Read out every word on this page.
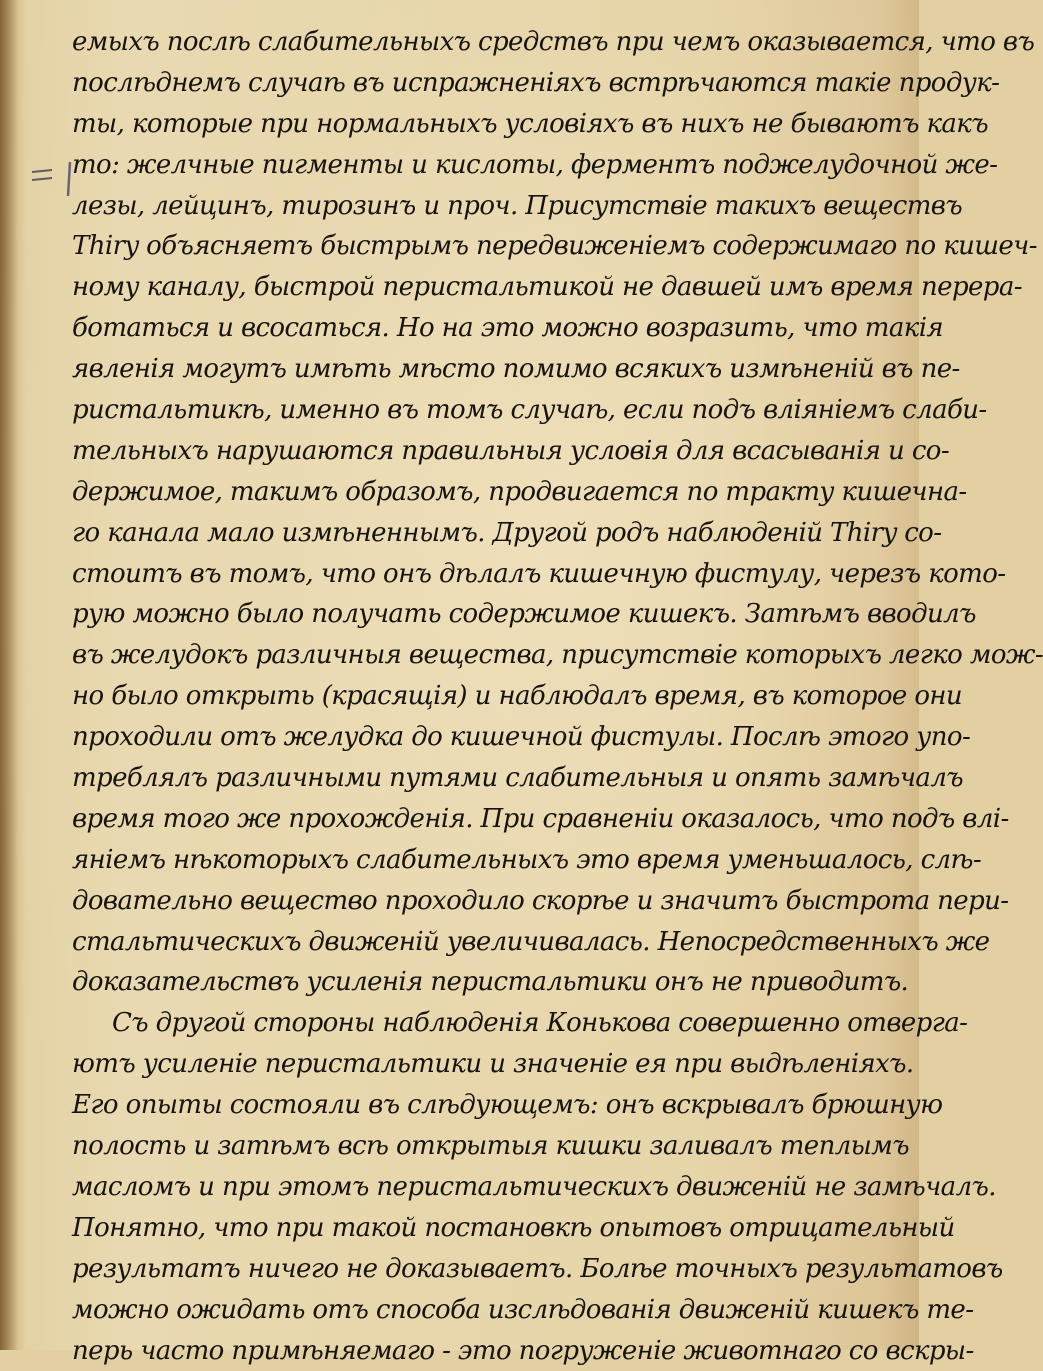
емыхъ послѣ слабительныхъ средствъ при чемъ оказывается, что въ
послѣднемъ случаѣ въ испражненіяхъ встрѣчаются такіе продук-
ты, которые при нормальныхъ условіяхъ въ нихъ не бываютъ какъ
то: желчные пигменты и кислоты, ферментъ поджелудочной же-
лезы, лейцинъ, тирозинъ и проч. Присутствіе такихъ веществъ
Thiry объясняетъ быстрымъ передвиженіемъ содержимаго по кишеч-
ному каналу, быстрой перистальтикой не давшей имъ время перера-
ботаться и всосаться. Но на это можно возразить, что такія
явленія могутъ имѣть мѣсто помимо всякихъ измѣненій въ пе-
ристальтикѣ, именно въ томъ случаѣ, если подъ вліяніемъ слаби-
тельныхъ нарушаются правильныя условія для всасыванія и со-
держимое, такимъ образомъ, продвигается по тракту кишечна-
го канала мало измѣненнымъ. Другой родъ наблюденій Thiry со-
стоитъ въ томъ, что онъ дѣлалъ кишечную фистулу, черезъ кото-
рую можно было получать содержимое кишекъ. Затѣмъ вводилъ
въ желудокъ различныя вещества, присутствіе которыхъ легко мож-
но было открыть (красящія) и наблюдалъ время, въ которое они
проходили отъ желудка до кишечной фистулы. Послѣ этого упо-
треблялъ различными путями слабительныя и опять замѣчалъ
время того же прохожденія. При сравненіи оказалось, что подъ влі-
яніемъ нѣкоторыхъ слабительныхъ это время уменьшалось, слѣ-
довательно вещество проходило скорѣе и значитъ быстрота пери-
стальтическихъ движеній увеличивалась. Непосредственныхъ же
доказательствъ усиленія перистальтики онъ не приводитъ.
Съ другой стороны наблюденія Конькова совершенно отверга-
ютъ усиленіе перистальтики и значеніе ея при выдѣленіяхъ.
Его опыты состояли въ слѣдующемъ: онъ вскрывалъ брюшную
полость и затѣмъ всѣ открытыя кишки заливалъ теплымъ
масломъ и при этомъ перистальтическихъ движеній не замѣчалъ.
Понятно, что при такой постановкѣ опытовъ отрицательный
результатъ ничего не доказываетъ. Болѣе точныхъ результатовъ
можно ожидать отъ способа изслѣдованія движеній кишекъ те-
перь часто примѣняемаго - это погруженіе животнаго со вскры-
